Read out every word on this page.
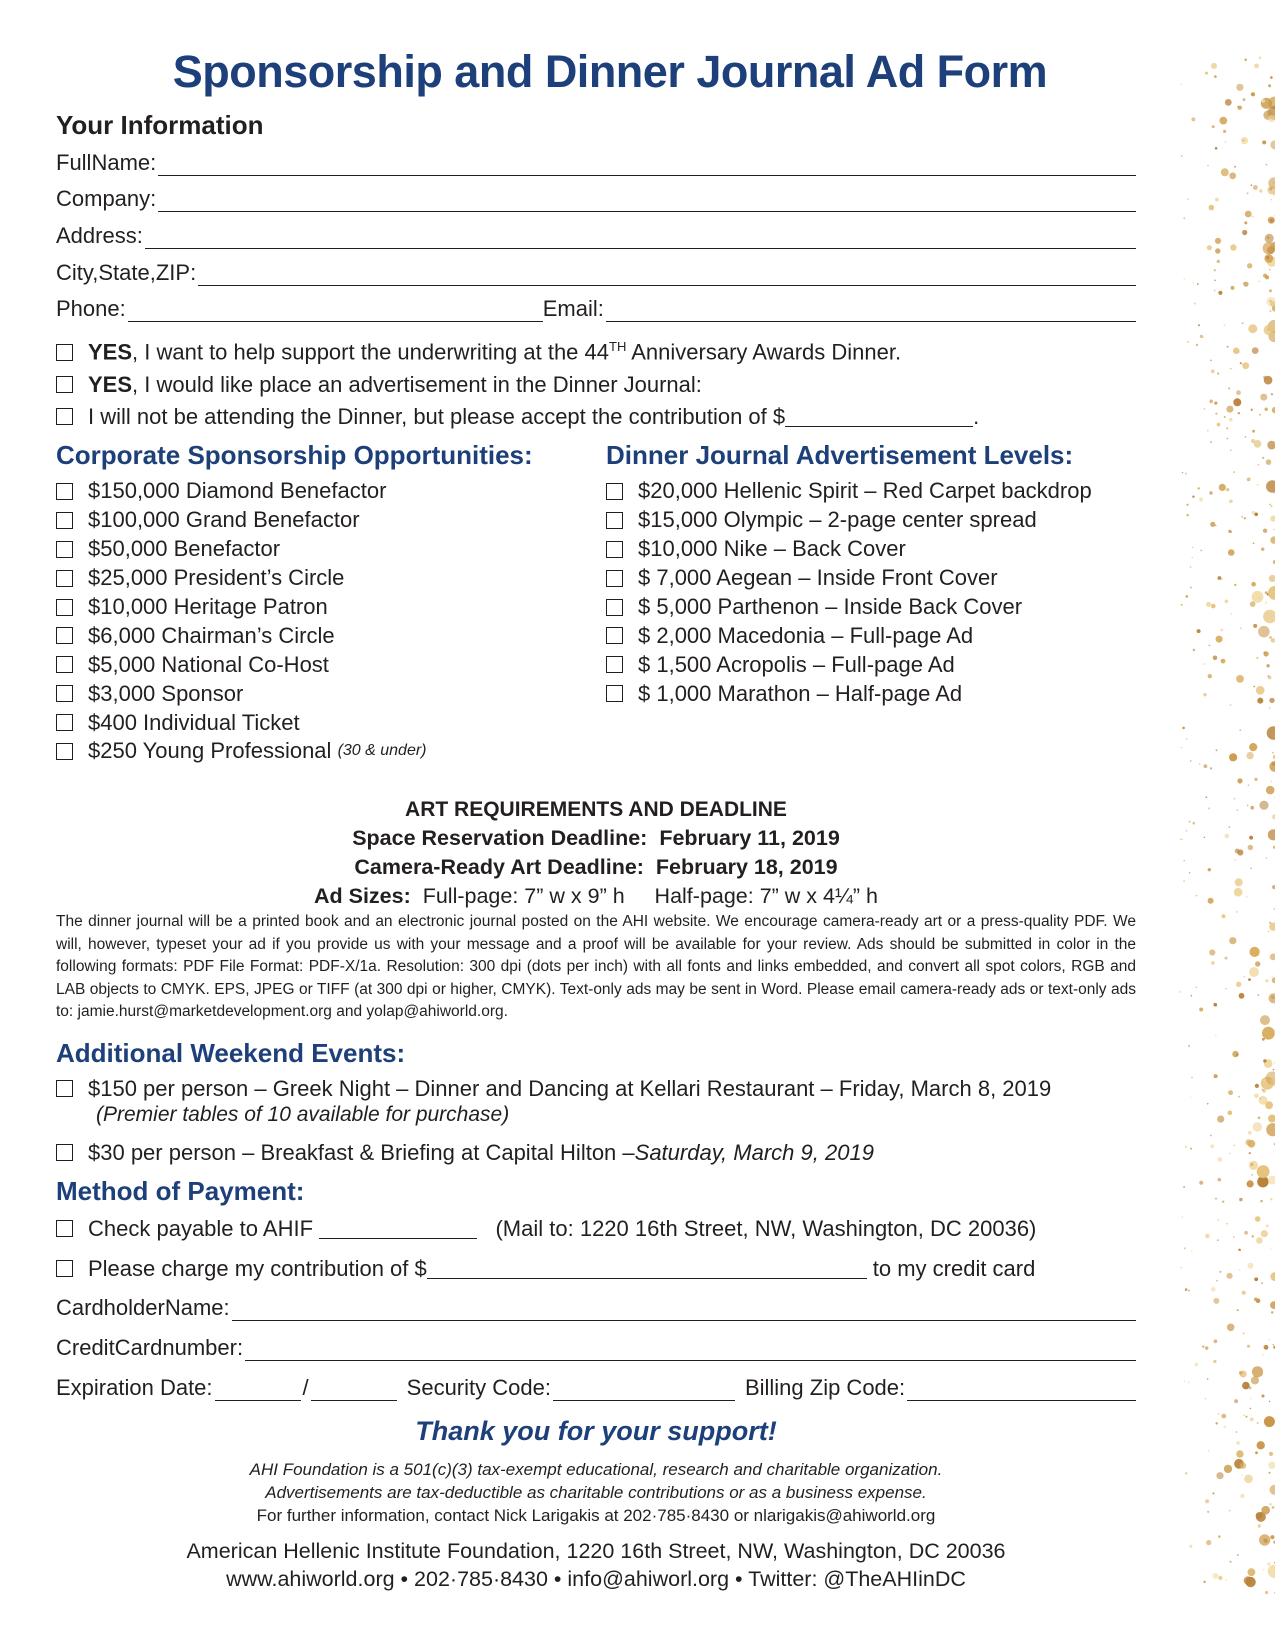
Sponsorship and Dinner Journal Ad Form
Your Information
FullName:
Company:
Address:
City,State,ZIP:
Phone:	Email:
YES, I want to help support the underwriting at the 44TH Anniversary Awards Dinner.
YES, I would like place an advertisement in the Dinner Journal:
I will not be attending the Dinner, but please accept the contribution of $	.
Corporate Sponsorship Opportunities:
$150,000 Diamond Benefactor
$100,000 Grand Benefactor
$50,000 Benefactor
$25,000 President’s Circle
$10,000 Heritage Patron
$6,000 Chairman’s Circle
$5,000 National Co-Host
$3,000 Sponsor
$400 Individual Ticket
$250 Young Professional
(30 & under)
Dinner Journal Advertisement Levels:
$20,000 Hellenic Spirit – Red Carpet backdrop
$15,000 Olympic – 2-page center spread
$10,000 Nike – Back Cover
$ 7,000 Aegean – Inside Front Cover
$ 5,000 Parthenon – Inside Back Cover
$ 2,000 Macedonia – Full-page Ad
$ 1,500 Acropolis – Full-page Ad
$ 1,000 Marathon – Half-page Ad
ART REQUIREMENTS AND DEADLINE
Space Reservation Deadline: February 11, 2019
Camera-Ready Art Deadline: February 18, 2019
Ad Sizes: Full-page: 7” w x 9” h Half-page: 7” w x 4¼” h
The dinner journal will be a printed book and an electronic journal posted on the AHI website. We encourage camera-ready art or a press-quality PDF. We will, however, typeset your ad if you provide us with your message and a proof will be available for your review. Ads should be submitted in color in the following formats: PDF File Format: PDF-X/1a. Resolution: 300 dpi (dots per inch) with all fonts and links embedded, and convert all spot colors, RGB and LAB objects to CMYK. EPS, JPEG or TIFF (at 300 dpi or higher, CMYK). Text-only ads may be sent in Word. Please email camera-ready ads or text-only ads to: jamie.hurst@marketdevelopment.org and yolap@ahiworld.org.
Additional Weekend Events:
$150 per person – Greek Night – Dinner and Dancing at Kellari Restaurant – Friday, March 8, 2019
(Premier tables of 10 available for purchase)
$30 per person – Breakfast & Briefing at Capital Hilton – Saturday, March 9, 2019
Method of Payment:
Check payable to AHIF

	(Mail to: 1220 16th Street, NW, Washington, DC 20036)
Please charge my contribution of $	to my credit card
CardholderName:
CreditCardnumber:
Expiration Date:	/	Security Code:	Billing Zip Code:
Thank you for your support!
AHI Foundation is a 501(c)(3) tax-exempt educational, research and charitable organization.
Advertisements are tax-deductible as charitable contributions or as a business expense.
For further information, contact Nick Larigakis at 202·785·8430 or nlarigakis@ahiworld.org
American Hellenic Institute Foundation, 1220 16th Street, NW, Washington, DC 20036
www.ahiworld.org • 202·785·8430 • info@ahiworl.org • Twitter: @TheAHIinDC
